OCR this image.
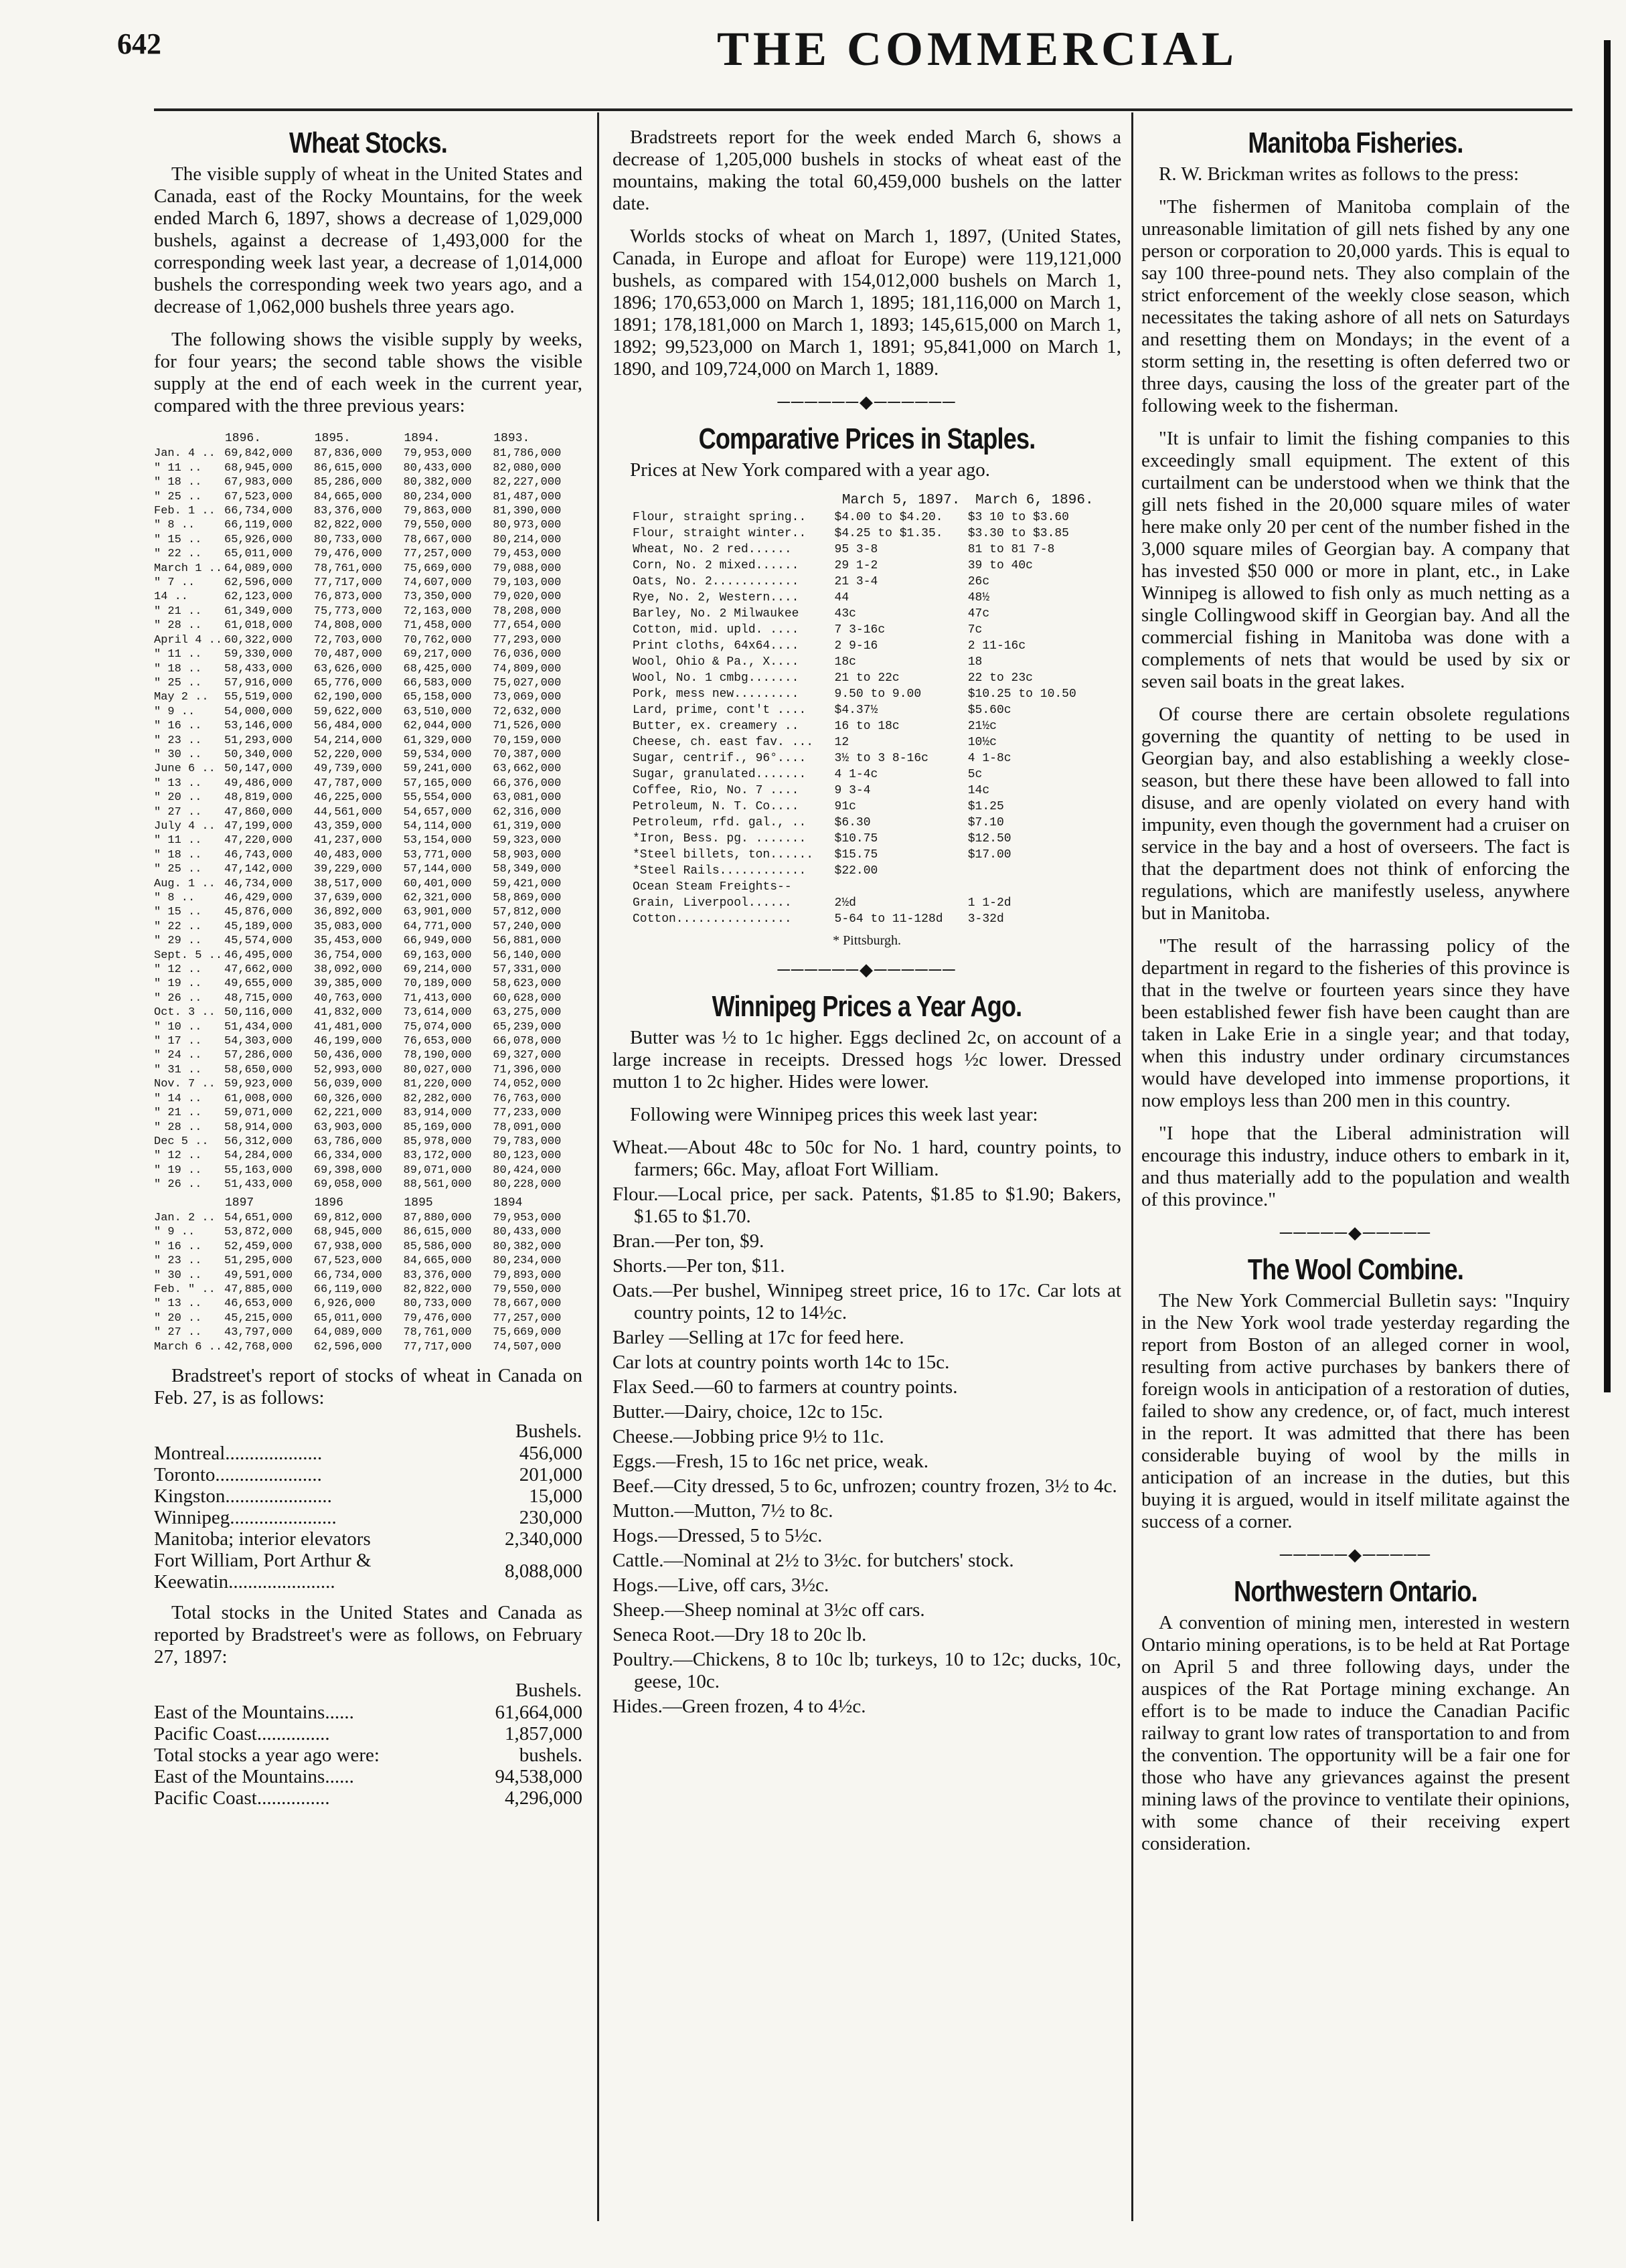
642	THE COMMERCIAL
Wheat Stocks.

The visible supply of wheat in the United States and Canada, east of the Rocky Mountains, for the week ended March 6, 1897, shows a decrease of 1,029,000 bushels, against a decrease of 1,493,000 for the corresponding week last year, a decrease of 1,014,000 bushels the corresponding week two years ago, and a decrease of 1,062,000 bushels three years ago.

The following shows the visible supply by weeks, for four years; the second table shows the visible supply at the end of each week in the current year, compared with the three previous years:

	1896.	1895.	1894.	1893.
Jan. 4 ..	69,842,000	87,836,000	79,953,000	81,786,000
" 11 ..	68,945,000	86,615,000	80,433,000	82,080,000
" 18 ..	67,983,000	85,286,000	80,382,000	82,227,000
" 25 ..	67,523,000	84,665,000	80,234,000	81,487,000
Feb. 1 ..	66,734,000	83,376,000	79,863,000	81,390,000
" 8 ..	66,119,000	82,822,000	79,550,000	80,973,000
" 15 ..	65,926,000	80,733,000	78,667,000	80,214,000
" 22 ..	65,011,000	79,476,000	77,257,000	79,453,000
March 1 ..	64,089,000	78,761,000	75,669,000	79,088,000
" 7 ..	62,596,000	77,717,000	74,607,000	79,103,000
14 ..	62,123,000	76,873,000	73,350,000	79,020,000
" 21 ..	61,349,000	75,773,000	72,163,000	78,208,000
" 28 ..	61,018,000	74,808,000	71,458,000	77,654,000
April 4 ..	60,322,000	72,703,000	70,762,000	77,293,000
" 11 ..	59,330,000	70,487,000	69,217,000	76,036,000
" 18 ..	58,433,000	63,626,000	68,425,000	74,809,000
" 25 ..	57,916,000	65,776,000	66,583,000	75,027,000
May 2 ..	55,519,000	62,190,000	65,158,000	73,069,000
" 9 ..	54,000,000	59,622,000	63,510,000	72,632,000
" 16 ..	53,146,000	56,484,000	62,044,000	71,526,000
" 23 ..	51,293,000	54,214,000	61,329,000	70,159,000
" 30 ..	50,340,000	52,220,000	59,534,000	70,387,000
June 6 ..	50,147,000	49,739,000	59,241,000	63,662,000
" 13 ..	49,486,000	47,787,000	57,165,000	66,376,000
" 20 ..	48,819,000	46,225,000	55,554,000	63,081,000
" 27 ..	47,860,000	44,561,000	54,657,000	62,316,000
July 4 ..	47,199,000	43,359,000	54,114,000	61,319,000
" 11 ..	47,220,000	41,237,000	53,154,000	59,323,000
" 18 ..	46,743,000	40,483,000	53,771,000	58,903,000
" 25 ..	47,142,000	39,229,000	57,144,000	58,349,000
Aug. 1 ..	46,734,000	38,517,000	60,401,000	59,421,000
" 8 ..	46,429,000	37,639,000	62,321,000	58,869,000
" 15 ..	45,876,000	36,892,000	63,901,000	57,812,000
" 22 ..	45,189,000	35,083,000	64,771,000	57,240,000
" 29 ..	45,574,000	35,453,000	66,949,000	56,881,000
Sept. 5 ..	46,495,000	36,754,000	69,163,000	56,140,000
" 12 ..	47,662,000	38,092,000	69,214,000	57,331,000
" 19 ..	49,655,000	39,385,000	70,189,000	58,623,000
" 26 ..	48,715,000	40,763,000	71,413,000	60,628,000
Oct. 3 ..	50,116,000	41,832,000	73,614,000	63,275,000
" 10 ..	51,434,000	41,481,000	75,074,000	65,239,000
" 17 ..	54,303,000	46,199,000	76,653,000	66,078,000
" 24 ..	57,286,000	50,436,000	78,190,000	69,327,000
" 31 ..	58,650,000	52,993,000	80,027,000	71,396,000
Nov. 7 ..	59,923,000	56,039,000	81,220,000	74,052,000
" 14 ..	61,008,000	60,326,000	82,282,000	76,763,000
" 21 ..	59,071,000	62,221,000	83,914,000	77,233,000
" 28 ..	58,914,000	63,903,000	85,169,000	78,091,000
Dec 5 ..	56,312,000	63,786,000	85,978,000	79,783,000
" 12 ..	54,284,000	66,334,000	83,172,000	80,123,000
" 19 ..	55,163,000	69,398,000	89,071,000	80,424,000
" 26 ..	51,433,000	69,058,000	88,561,000	80,228,000
	1897	1896	1895	1894
Jan. 2 ..	54,651,000	69,812,000	87,880,000	79,953,000
" 9 ..	53,872,000	68,945,000	86,615,000	80,433,000
" 16 ..	52,459,000	67,938,000	85,586,000	80,382,000
" 23 ..	51,295,000	67,523,000	84,665,000	80,234,000
" 30 ..	49,591,000	66,734,000	83,376,000	79,893,000
Feb. " ..	47,885,000	66,119,000	82,822,000	79,550,000
" 13 ..	46,653,000	6,926,000	80,733,000	78,667,000
" 20 ..	45,215,000	65,011,000	79,476,000	77,257,000
" 27 ..	43,797,000	64,089,000	78,761,000	75,669,000
March 6 ..	42,768,000	62,596,000	77,717,000	74,507,000

Bradstreet's report of stocks of wheat in Canada on Feb. 27, is as follows:

	Bushels.
Montreal....................	456,000
Toronto......................	201,000
Kingston......................	15,000
Winnipeg......................	230,000
Manitoba; interior elevators	2,340,000
Fort William, Port Arthur & Keewatin......................	8,088,000

Total stocks in the United States and Canada as reported by Bradstreet's were as follows, on February 27, 1897:

	Bushels.
East of the Mountains......	61,664,000
Pacific Coast...............	1,857,000
Total stocks a year ago were:	bushels.
East of the Mountains......	94,538,000
Pacific Coast...............	4,296,000

Bradstreets report for the week ended March 6, shows a decrease of 1,205,000 bushels in stocks of wheat east of the mountains, making the total 60,459,000 bushels on the latter date.

Worlds stocks of wheat on March 1, 1897, (United States, Canada, in Europe and afloat for Europe) were 119,121,000 bushels, as compared with 154,012,000 bushels on March 1, 1896; 170,653,000 on March 1, 1895; 181,116,000 on March 1, 1891; 178,181,000 on March 1, 1893; 145,615,000 on March 1, 1892; 99,523,000 on March 1, 1891; 95,841,000 on March 1, 1890, and 109,724,000 on March 1, 1889.

──────◆──────
Comparative Prices in Staples.

Prices at New York compared with a year ago.

	March 5, 1897.	March 6, 1896.
Flour, straight spring..	$4.00 to $4.20.	$3 10 to $3.60
Flour, straight winter..	$4.25 to $1.35.	$3.30 to $3.85
Wheat, No. 2 red......	95 3-8	81 to 81 7-8
Corn, No. 2 mixed......	29 1-2	39 to 40c
Oats, No. 2............	21 3-4	26c
Rye, No. 2, Western....	44	48½
Barley, No. 2 Milwaukee	43c	47c
Cotton, mid. upld. ....	7 3-16c	7c
Print cloths, 64x64....	2 9-16	2 11-16c
Wool, Ohio & Pa., X....	18c	18
Wool, No. 1 cmbg.......	21 to 22c	22 to 23c
Pork, mess new.........	9.50 to 9.00	$10.25 to 10.50
Lard, prime, cont't ....	$4.37½	$5.60c
Butter, ex. creamery ..	16 to 18c	21½c
Cheese, ch. east fav. ...	12	10½c
Sugar, centrif., 96°....	3½ to 3 8-16c	4 1-8c
Sugar, granulated.......	4 1-4c	5c
Coffee, Rio, No. 7 ....	9 3-4	14c
Petroleum, N. T. Co....	91c	$1.25
Petroleum, rfd. gal., ..	$6.30	$7.10
*Iron, Bess. pg. .......	$10.75	$12.50
*Steel billets, ton......	$15.75	$17.00
*Steel Rails............	$22.00	
Ocean Steam Freights--		
Grain, Liverpool......	2½d	1 1-2d
Cotton................	5-64 to 11-128d	3-32d
* Pittsburgh.
──────◆──────
Winnipeg Prices a Year Ago.

Butter was ½ to 1c higher. Eggs declined 2c, on account of a large increase in receipts. Dressed hogs ½c lower. Dressed mutton 1 to 2c higher. Hides were lower.

Following were Winnipeg prices this week last year:

Wheat.—About 48c to 50c for No. 1 hard, country points, to farmers; 66c. May, afloat Fort William.

Flour.—Local price, per sack. Patents, $1.85 to $1.90; Bakers, $1.65 to $1.70.

Bran.—Per ton, $9.

Shorts.—Per ton, $11.

Oats.—Per bushel, Winnipeg street price, 16 to 17c. Car lots at country points, 12 to 14½c.

Barley —Selling at 17c for feed here.

Car lots at country points worth 14c to 15c.

Flax Seed.—60 to farmers at country points.

Butter.—Dairy, choice, 12c to 15c.

Cheese.—Jobbing price 9½ to 11c.

Eggs.—Fresh, 15 to 16c net price, weak.

Beef.—City dressed, 5 to 6c, unfrozen; country frozen, 3½ to 4c.

Mutton.—Mutton, 7½ to 8c.

Hogs.—Dressed, 5 to 5½c.

Cattle.—Nominal at 2½ to 3½c. for butchers' stock.

Hogs.—Live, off cars, 3½c.

Sheep.—Sheep nominal at 3½c off cars.

Seneca Root.—Dry 18 to 20c lb.

Poultry.—Chickens, 8 to 10c lb; turkeys, 10 to 12c; ducks, 10c, geese, 10c.

Hides.—Green frozen, 4 to 4½c.

Manitoba Fisheries.

R. W. Brickman writes as follows to the press:

"The fishermen of Manitoba complain of the unreasonable limitation of gill nets fished by any one person or corporation to 20,000 yards. This is equal to say 100 three-pound nets. They also complain of the strict enforcement of the weekly close season, which necessitates the taking ashore of all nets on Saturdays and resetting them on Mondays; in the event of a storm setting in, the resetting is often deferred two or three days, causing the loss of the greater part of the following week to the fisherman.

"It is unfair to limit the fishing companies to this exceedingly small equipment. The extent of this curtailment can be understood when we think that the gill nets fished in the 20,000 square miles of water here make only 20 per cent of the number fished in the 3,000 square miles of Georgian bay. A company that has invested $50 000 or more in plant, etc., in Lake Winnipeg is allowed to fish only as much netting as a single Collingwood skiff in Georgian bay. And all the commercial fishing in Manitoba was done with a complements of nets that would be used by six or seven sail boats in the great lakes.

Of course there are certain obsolete regulations governing the quantity of netting to be used in Georgian bay, and also establishing a weekly close-season, but there these have been allowed to fall into disuse, and are openly violated on every hand with impunity, even though the government had a cruiser on service in the bay and a host of overseers. The fact is that the department does not think of enforcing the regulations, which are manifestly useless, anywhere but in Manitoba.

"The result of the harrassing policy of the department in regard to the fisheries of this province is that in the twelve or fourteen years since they have been established fewer fish have been caught than are taken in Lake Erie in a single year; and that today, when this industry under ordinary circumstances would have developed into immense proportions, it now employs less than 200 men in this country.

"I hope that the Liberal administration will encourage this industry, induce others to embark in it, and thus materially add to the population and wealth of this province."

─────◆─────
The Wool Combine.

The New York Commercial Bulletin says: "Inquiry in the New York wool trade yesterday regarding the report from Boston of an alleged corner in wool, resulting from active purchases by bankers there of foreign wools in anticipation of a restoration of duties, failed to show any credence, or, of fact, much interest in the report. It was admitted that there has been considerable buying of wool by the mills in anticipation of an increase in the duties, but this buying it is argued, would in itself militate against the success of a corner.

─────◆─────
Northwestern Ontario.

A convention of mining men, interested in western Ontario mining operations, is to be held at Rat Portage on April 5 and three following days, under the auspices of the Rat Portage mining exchange. An effort is to be made to induce the Canadian Pacific railway to grant low rates of transportation to and from the convention. The opportunity will be a fair one for those who have any grievances against the present mining laws of the province to ventilate their opinions, with some chance of their receiving expert consideration.
